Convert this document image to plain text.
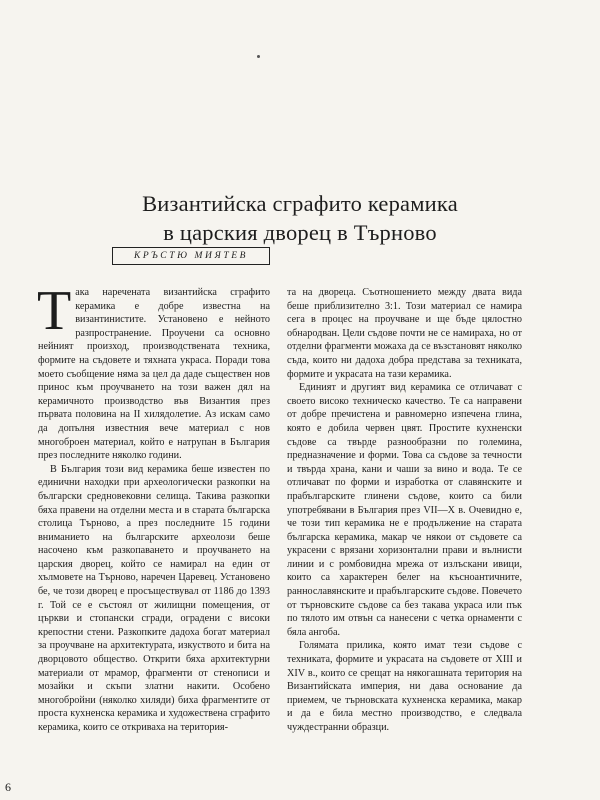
Византийска сграфито керамика
в царския дворец в Търново
КРЪСТЮ МИЯТЕВ

Така наречената византийска сграфито керамика е добре известна на византинистите. Установено е нейното разпространение. Проучени са основно нейният произход, производствената техника, формите на съдовете и тяхната украса. Поради това моето съобщение няма за цел да даде съществен нов принос към проучването на този важен дял на керамичното производство във Византия през първата половина на II хилядолетие. Аз искам само да допълня известния вече материал с нов многоброен материал, който е натрупан в България през последните няколко години.

В България този вид керамика беше известен по единични находки при археологически разкопки на български средновековни селища. Такива разкопки бяха правени на отделни места и в старата българска столица Търново, а през последните 15 години вниманието на българските археолози беше насочено към разкопаването и проучването на царския дворец, който се намирал на един от хълмовете на Търново, наречен Царевец. Установено бе, че този дворец е просъществувал от 1186 до 1393 г. Той се е състоял от жилищни помещения, от църкви и стопански сгради, оградени с високи крепостни стени. Разкопките дадоха богат материал за проучване на архитектурата, изкуството и бита на дворцовото общество. Открити бяха архитектурни материали от мрамор, фрагменти от стенописи и мозайки и скъпи златни накити. Особено многобройни (няколко хиляди) биха фрагментите от проста кухненска керамика и художествена сграфито керамика, които се откриваха на територия-

та на двореца. Съотношението между двата вида беше приблизително 3:1. Този материал се намира сега в процес на проучване и ще бъде цялостно обнародван. Цели съдове почти не се намираха, но от отделни фрагменти можаха да се възстановят няколко съда, които ни дадоха добра представа за техниката, формите и украсата на тази керамика.

Единият и другият вид керамика се отличават с своето високо техническо качество. Те са направени от добре пречистена и равномерно изпечена глина, която е добила червен цвят. Простите кухненски съдове са твърде разнообразни по големина, предназначение и форми. Това са съдове за течности и твърда храна, кани и чаши за вино и вода. Те се отличават по форми и изработка от славянските и прабългарските глинени съдове, които са били употребявани в България през VII—X в. Очевидно е, че този тип керамика не е продължение на старата българска керамика, макар че някои от съдовете са украсени с врязани хоризонтални прави и вълнисти линии и с ромбовидна мрежа от излъскани ивици, които са характерен белег на късноантичните, раннославянските и прабългарските съдове. Повечето от търновските съдове са без такава украса или пък по тялото им отвън са нанесени с четка орнаменти с бяла ангоба.

Голямата прилика, която имат тези съдове с техниката, формите и украсата на съдовете от XIII и XIV в., които се срещат на някогашната територия на Византийската империя, ни дава основание да приемем, че търновската кухненска керамика, макар и да е била местно производство, е следвала чуждестранни образци.

6
